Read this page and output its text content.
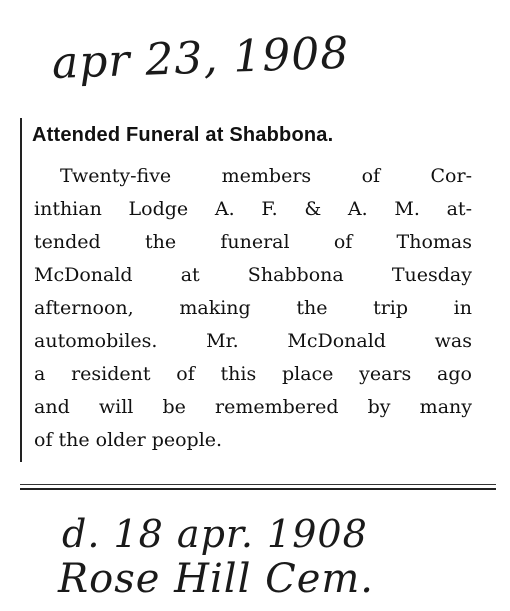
apr 23, 1908

Attended Funeral at Shabbona.
Twenty-five members of Cor-
inthian Lodge A. F. & A. M. at-
tended the funeral of Thomas
McDonald at Shabbona Tuesday
afternoon, making the trip in
automobiles. Mr. McDonald was
a resident of this place years ago
and will be remembered by many
of the older people.

d. 18 apr. 1908

Rose Hill Cem.
